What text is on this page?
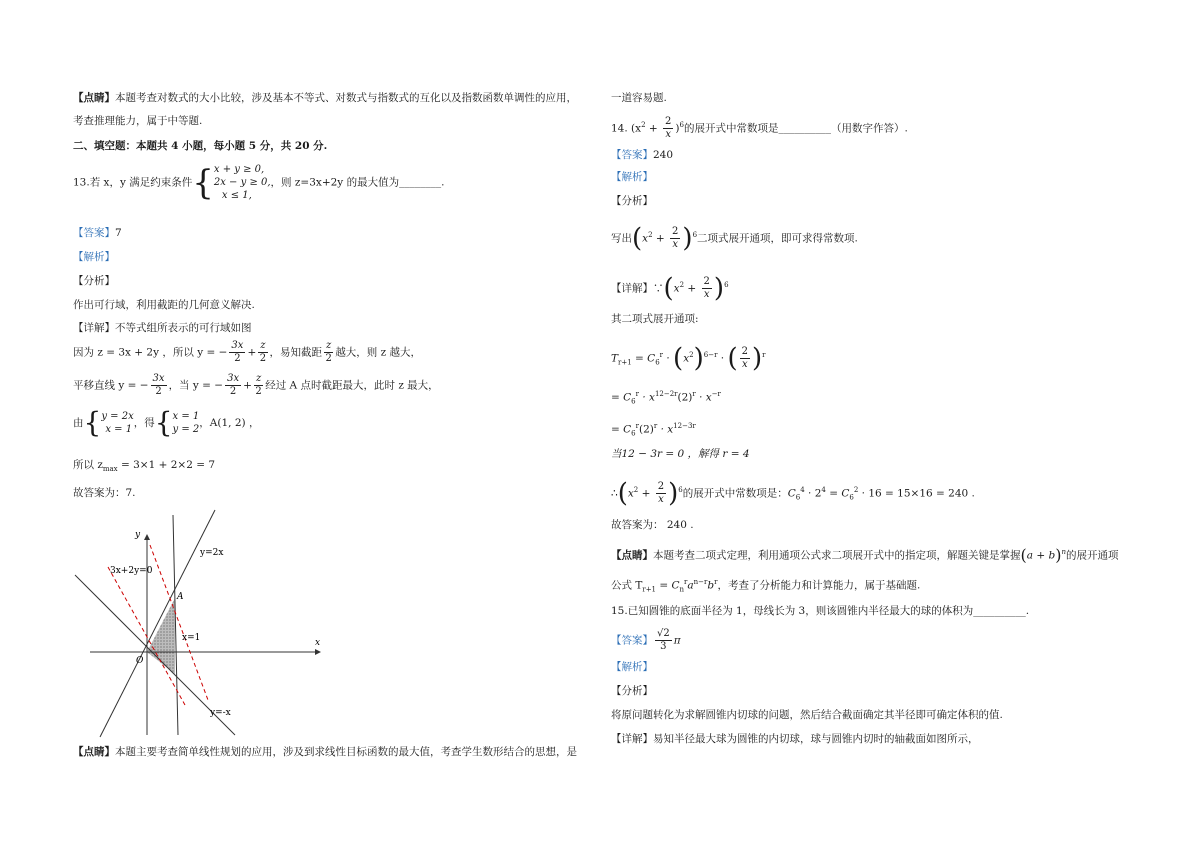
【点睛】本题考查对数式的大小比较，涉及基本不等式、对数式与指数式的互化以及指数函数单调性的应用，
考查推理能力，属于中等题.
二、填空题：本题共 4 小题，每小题 5 分，共 20 分.
13.若 x，y 满足约束条件{ x + y ≥ 0,
2x − y ≥ 0,
x ≤ 1,
，则 z=3x+2y 的最大值为________.
【答案】7
【解析】
【分析】
作出可行域，利用截距的几何意义解决.
【详解】不等式组所表示的可行域如图
因为 z = 3x + 2y ，所以 y = − $\frac{3x}{2} + \frac{z}{2}$ ，易知截距 $\frac{z}{2}$ 越大，则 z 越大，
平移直线 y = − $\frac{3x}{2}$ ，当 y = − $\frac{3x}{2} + \frac{z}{2}$ 经过 A 点时截距最大，此时 z 最大，
由{ y = 2x
x = 1
，得{ x = 1
y = 2
，A(1, 2) ，
所以 $z_{max} = 3\times 1 + 2\times 2 = 7$
故答案为：7.
y
x
O
A
y=2x
x=1
y=-x
3x+2y=0
【点睛】本题主要考查简单线性规划的应用，涉及到求线性目标函数的最大值，考查学生数形结合的思想，是
一道容易题.
14. $(x^2 + \frac{2}{x} )^6$的展开式中常数项是__________（用数字作答）.
【答案】240
【解析】
【分析】
写出$(x^2 + \frac{2}{x} )^6$二项式展开通项，即可求得常数项.
【详解】$\because(x^2 + \frac{2}{x} )^6$
其二项式展开通项:
$T_{r+1} = C_6^r \cdot (x^2)^{6-r}$ · ( $\frac{2}{x} )^r$
= $C_6^r \cdot x^{12-2r}(2)^r \cdot x^{-r}$
= $C_6^r(2)^r \cdot x^{12-3r}$
当12 − 3r = 0 ，解得 r = 4
$\therefore(x^2 + \frac{2}{x} )^6$的展开式中常数项是：$C_6^4 \cdot 2^4 = C_6^2 \cdot 16 = 15\times 16 = 240$ .
故答案为： 240 .
【点睛】本题考查二项式定理，利用通项公式求二项展开式中的指定项，解题关键是掌握$(a + b)^n$的展开通项
公式 $T_{r+1} = C_n^ra^{n-r}b^r$，考查了分析能力和计算能力，属于基础题.
15.已知圆锥的底面半径为 1，母线长为 3，则该圆锥内半径最大的球的体积为__________.
【答案】 $\frac{√2}{3}$ π
【解析】
【分析】
将原问题转化为求解圆锥内切球的问题，然后结合截面确定其半径即可确定体积的值.
【详解】易知半径最大球为圆锥的内切球，球与圆锥内切时的轴截面如图所示，
